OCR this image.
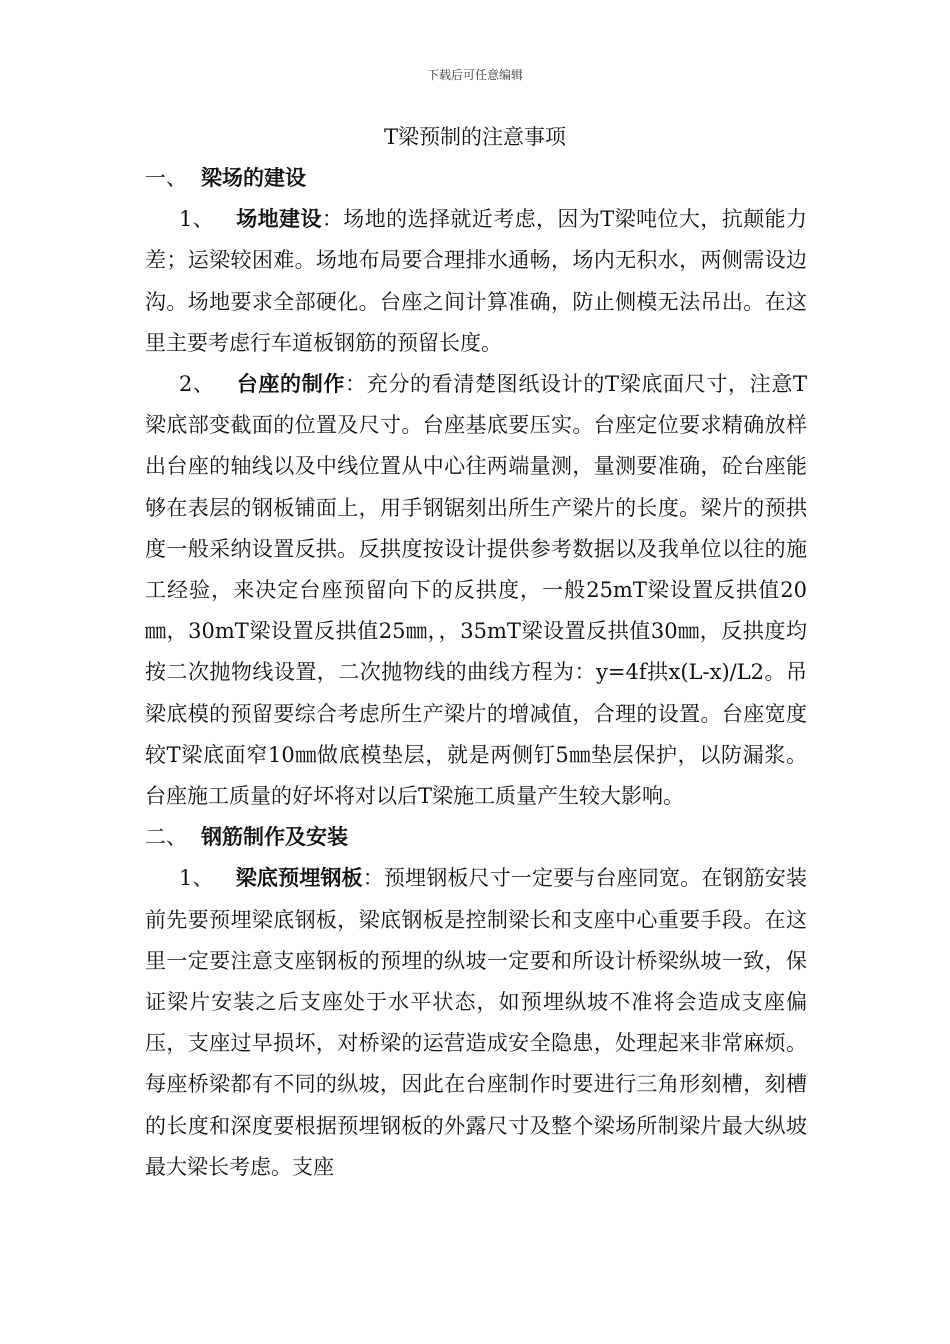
下载后可任意编辑
T梁预制的注意事项

一、 梁场的建设

1、 场地建设：场地的选择就近考虑，因为T梁吨位大，抗颠能力差；运梁较困难。场地布局要合理排水通畅，场内无积水，两侧需设边沟。场地要求全部硬化。台座之间计算准确，防止侧模无法吊出。在这里主要考虑行车道板钢筋的预留长度。

2、 台座的制作：充分的看清楚图纸设计的T梁底面尺寸，注意T梁底部变截面的位置及尺寸。台座基底要压实。台座定位要求精确放样出台座的轴线以及中线位置从中心往两端量测，量测要准确，砼台座能够在表层的钢板铺面上，用手钢锯刻出所生产梁片的长度。梁片的预拱度一般采纳设置反拱。反拱度按设计提供参考数据以及我单位以往的施工经验，来决定台座预留向下的反拱度，一般25mT梁设置反拱值20㎜，30mT梁设置反拱值25㎜，，35mT梁设置反拱值30㎜，反拱度均按二次抛物线设置，二次抛物线的曲线方程为：y=4f拱x(L-x)/L2。吊梁底模的预留要综合考虑所生产梁片的增减值，合理的设置。台座宽度较T梁底面窄10㎜做底模垫层，就是两侧钉5㎜垫层保护，以防漏浆。台座施工质量的好坏将对以后T梁施工质量产生较大影响。

二、 钢筋制作及安装

1、 梁底预埋钢板：预埋钢板尺寸一定要与台座同宽。在钢筋安装前先要预埋梁底钢板，梁底钢板是控制梁长和支座中心重要手段。在这里一定要注意支座钢板的预埋的纵坡一定要和所设计桥梁纵坡一致，保证梁片安装之后支座处于水平状态，如预埋纵坡不准将会造成支座偏压，支座过早损坏，对桥梁的运营造成安全隐患，处理起来非常麻烦。每座桥梁都有不同的纵坡，因此在台座制作时要进行三角形刻槽，刻槽的长度和深度要根据预埋钢板的外露尺寸及整个梁场所制梁片最大纵坡最大梁长考虑。支座
